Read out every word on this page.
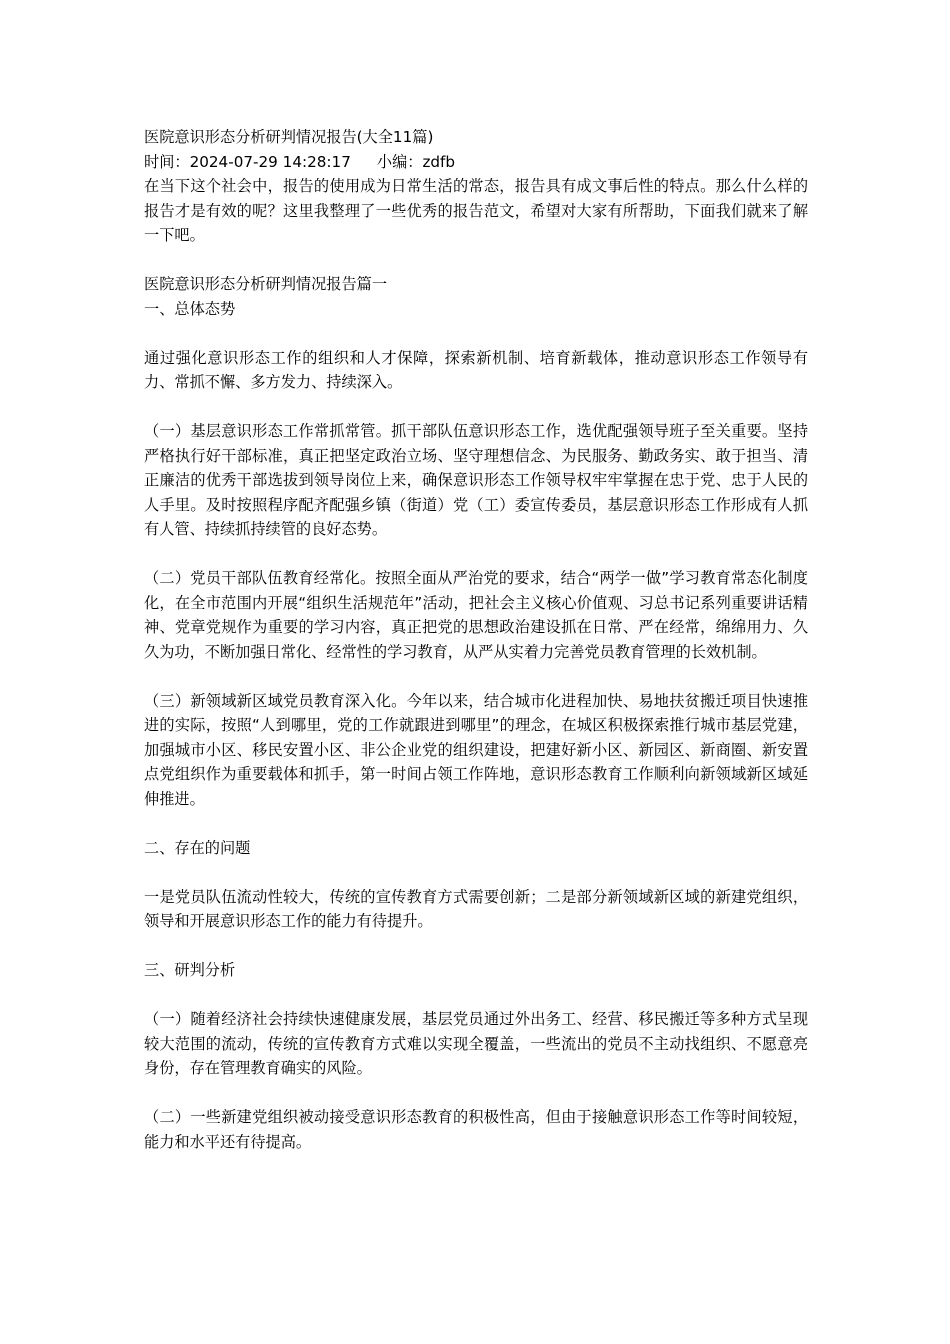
医院意识形态分析研判情况报告(大全11篇)
时间：2024-07-29 14:28:17 小编：zdfb
在当下这个社会中，报告的使用成为日常生活的常态，报告具有成文事后性的特点。那么什么样的报告才是有效的呢？这里我整理了一些优秀的报告范文，希望对大家有所帮助，下面我们就来了解一下吧。
医院意识形态分析研判情况报告篇一
一、总体态势
通过强化意识形态工作的组织和人才保障，探索新机制、培育新载体，推动意识形态工作领导有力、常抓不懈、多方发力、持续深入。
（一）基层意识形态工作常抓常管。抓干部队伍意识形态工作，选优配强领导班子至关重要。坚持严格执行好干部标准，真正把坚定政治立场、坚守理想信念、为民服务、勤政务实、敢于担当、清正廉洁的优秀干部选拔到领导岗位上来，确保意识形态工作领导权牢牢掌握在忠于党、忠于人民的人手里。及时按照程序配齐配强乡镇（街道）党（工）委宣传委员，基层意识形态工作形成有人抓有人管、持续抓持续管的良好态势。
（二）党员干部队伍教育经常化。按照全面从严治党的要求，结合“两学一做”学习教育常态化制度化，在全市范围内开展“组织生活规范年”活动，把社会主义核心价值观、习总书记系列重要讲话精神、党章党规作为重要的学习内容，真正把党的思想政治建设抓在日常、严在经常，绵绵用力、久久为功，不断加强日常化、经常性的学习教育，从严从实着力完善党员教育管理的长效机制。
（三）新领域新区域党员教育深入化。今年以来，结合城市化进程加快、易地扶贫搬迁项目快速推进的实际，按照“人到哪里，党的工作就跟进到哪里”的理念，在城区积极探索推行城市基层党建，加强城市小区、移民安置小区、非公企业党的组织建设，把建好新小区、新园区、新商圈、新安置点党组织作为重要载体和抓手，第一时间占领工作阵地，意识形态教育工作顺利向新领域新区域延伸推进。
二、存在的问题
一是党员队伍流动性较大，传统的宣传教育方式需要创新；二是部分新领域新区域的新建党组织，领导和开展意识形态工作的能力有待提升。
三、研判分析
（一）随着经济社会持续快速健康发展，基层党员通过外出务工、经营、移民搬迁等多种方式呈现较大范围的流动，传统的宣传教育方式难以实现全覆盖，一些流出的党员不主动找组织、不愿意亮身份，存在管理教育确实的风险。
（二）一些新建党组织被动接受意识形态教育的积极性高，但由于接触意识形态工作等时间较短，能力和水平还有待提高。
